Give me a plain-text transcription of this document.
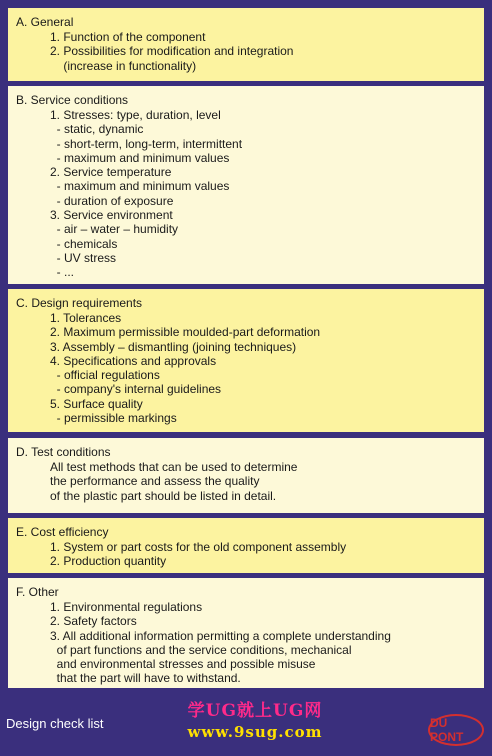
A. General
1. Function of the component
2. Possibilities for modification and integration
(increase in functionality)
B. Service conditions
1. Stresses: type, duration, level
- static, dynamic
- short-term, long-term, intermittent
- maximum and minimum values
2. Service temperature
- maximum and minimum values
- duration of exposure
3. Service environment
- air – water – humidity
- chemicals
- UV stress
- ...
C. Design requirements
1. Tolerances
2. Maximum permissible moulded-part deformation
3. Assembly – dismantling (joining techniques)
4. Specifications and approvals
- official regulations
- company's internal guidelines
5. Surface quality
- permissible markings
D. Test conditions
All test methods that can be used to determine
the performance and assess the quality
of the plastic part should be listed in detail.
E. Cost efficiency
1. System or part costs for the old component assembly
2. Production quantity
F. Other
1. Environmental regulations
2. Safety factors
3. All additional information permitting a complete understanding
of part functions and the service conditions, mechanical
and environmental stresses and possible misuse
that the part will have to withstand.
Design check list
学UG就上UG网
www.9sug.com	DU PONT
